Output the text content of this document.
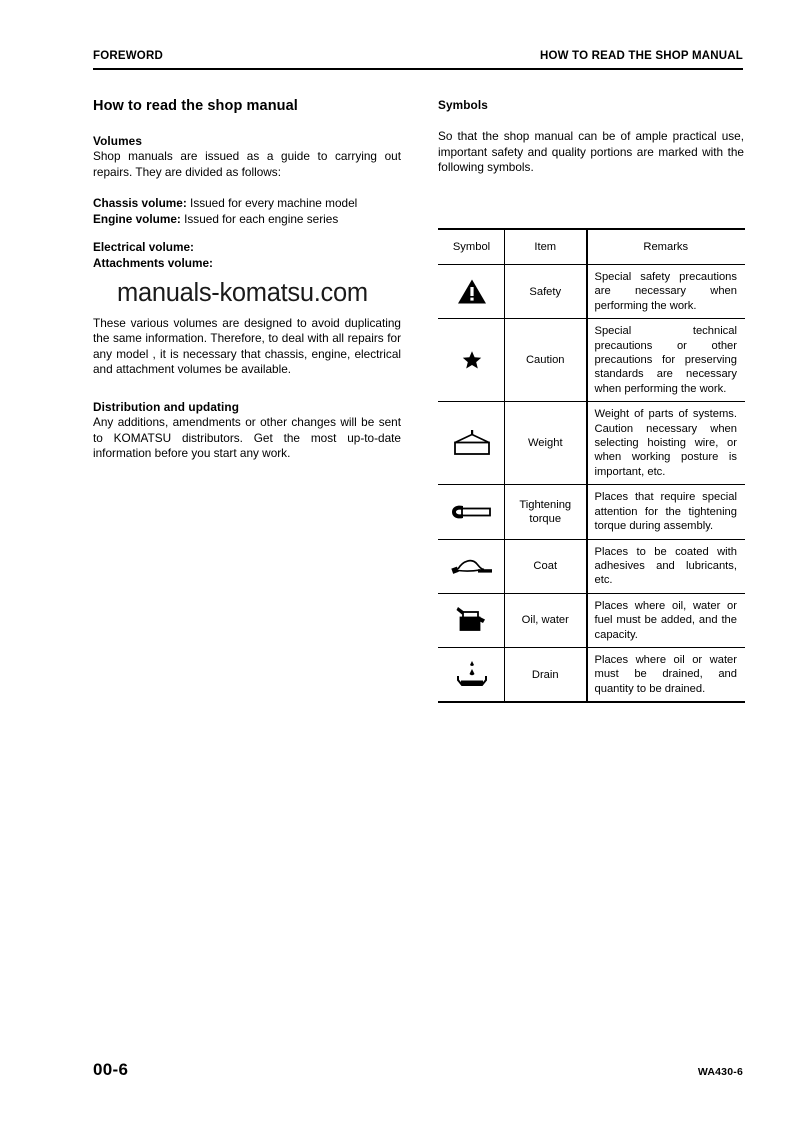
FOREWORD	HOW TO READ THE SHOP MANUAL
How to read the shop manual
Volumes

Shop manuals are issued as a guide to carrying out repairs. They are divided as follows:

Chassis volume: Issued for every machine model
Engine volume: Issued for each engine series
Electrical volume:
Attachments volume:

These various volumes are designed to avoid duplicating the same information. Therefore, to deal with all repairs for any model , it is necessary that chassis, engine, electrical and attachment volumes be available.

Distribution and updating

Any additions, amendments or other changes will be sent to KOMATSU distributors. Get the most up-to-date information before you start any work.

Symbols

So that the shop manual can be of ample practical use, important safety and quality portions are marked with the following symbols.

Symbol	Item	Remarks

	Safety	Special safety precautions are necessary when performing the work.

	Caution	Special technical precautions or other precautions for preserving standards are necessary when performing the work.

	Weight	Weight of parts of systems. Caution necessary when selecting hoisting wire, or when working posture is important, etc.

	Tightening torque	Places that require special attention for the tightening torque during assembly.

	Coat	Places to be coated with adhesives and lubricants, etc.

	Oil, water	Places where oil, water or fuel must be added, and the capacity.

	Drain	Places where oil or water must be drained, and quantity to be drained.
manuals-komatsu.com
00-6	WA430-6
